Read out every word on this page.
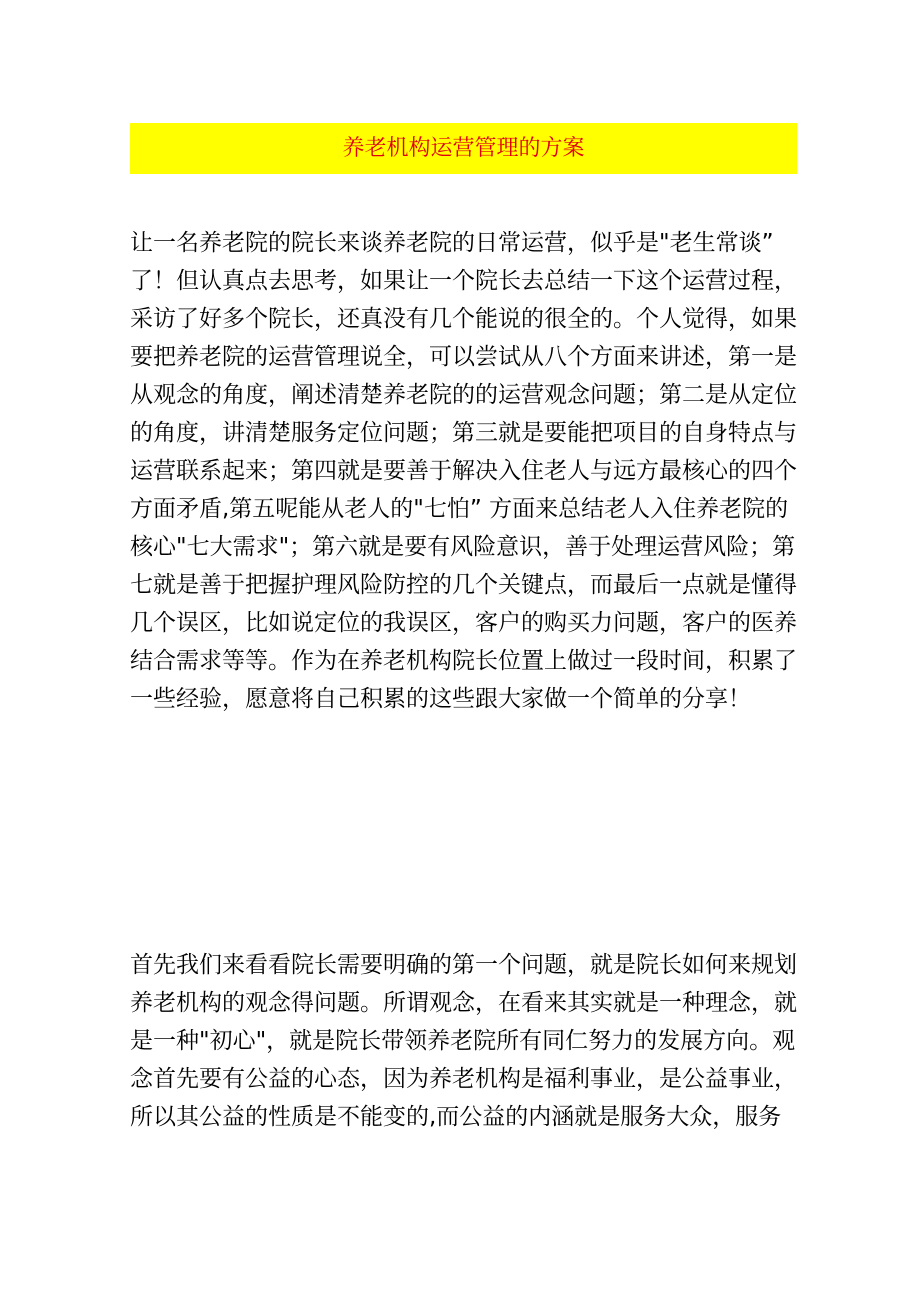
养老机构运营管理的方案
让一名养老院的院长来谈养老院的日常运营，似乎是"老生常谈”
了！但认真点去思考，如果让一个院长去总结一下这个运营过程，
采访了好多个院长，还真没有几个能说的很全的。个人觉得，如果
要把养老院的运营管理说全，可以尝试从八个方面来讲述，第一是
从观念的角度，阐述清楚养老院的的运营观念问题；第二是从定位
的角度，讲清楚服务定位问题；第三就是要能把项目的自身特点与
运营联系起来；第四就是要善于解决入住老人与远方最核心的四个
方面矛盾,第五呢能从老人的"七怕” 方面来总结老人入住养老院的
核心"七大需求"；第六就是要有风险意识，善于处理运营风险；第
七就是善于把握护理风险防控的几个关键点，而最后一点就是懂得
几个误区，比如说定位的我误区，客户的购买力问题，客户的医养
结合需求等等。作为在养老机构院长位置上做过一段时间，积累了
一些经验，愿意将自己积累的这些跟大家做一个简单的分享！
首先我们来看看院长需要明确的第一个问题，就是院长如何来规划
养老机构的观念得问题。所谓观念，在看来其实就是一种理念，就
是一种"初心"，就是院长带领养老院所有同仁努力的发展方向。观
念首先要有公益的心态，因为养老机构是福利事业，是公益事业，
所以其公益的性质是不能变的,而公益的内涵就是服务大众，服务
